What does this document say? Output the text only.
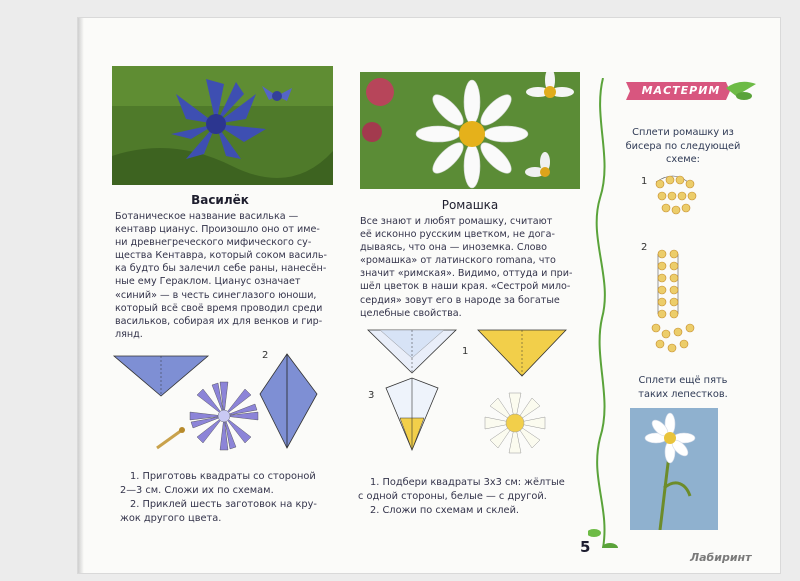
Василёк	Ромашка
Ботаническое название василька —
кентавр цианус. Произошло оно от име-
ни древнегреческого мифического су-
щества Кентавра, который соком василь-
ка будто бы залечил себе раны, нанесён-
ные ему Гераклом. Цианус означает
«синий» — в честь синеглазого юноши,
который всё своё время проводил среди
васильков, собирая их для венков и гир-
лянд.
Все знают и любят ромашку, считают
её исконно русским цветком, не дога-
дываясь, что она — иноземка. Слово
«ромашка» от латинского romana, что
значит «римская». Видимо, оттуда и при-
шёл цветок в наши края. «Сестрой мило-
сердия» зовут его в народе за богатые
целебные свойства.
2	1
3
1. Приготовь квадраты со стороной
2—3 см. Сложи их по схемам.
2. Приклей шесть заготовок на кру-
жок другого цвета.
1. Подбери квадраты 3х3 см: жёлтые
с одной стороны, белые — с другой.
2. Сложи по схемам и склей.
МАСТЕРИМ
Сплети ромашку из
бисера по следующей
схеме:
1
2
Сплети ещё пять
таких лепестков.
5
Лабиринт
